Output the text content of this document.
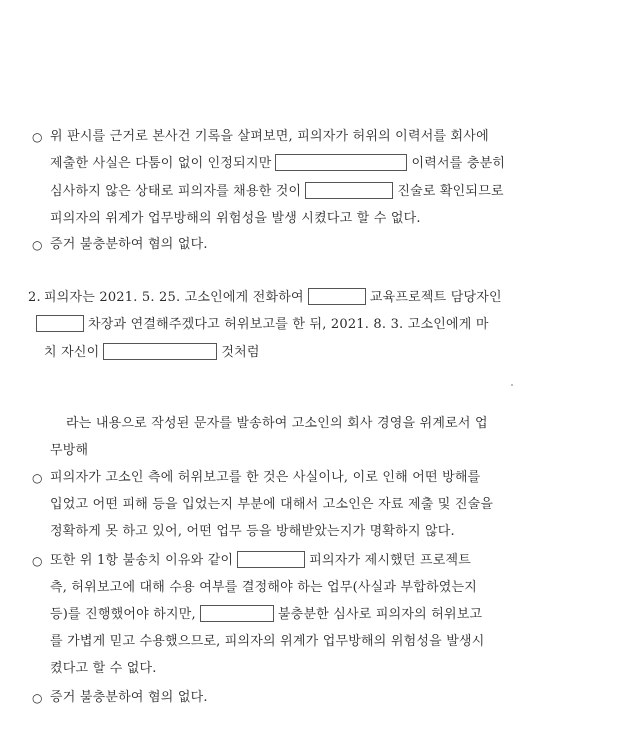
○ 위 판시를 근거로 본사건 기록을 살펴보면, 피의자가 허위의 이력서를 회사에
제출한 사실은 다툼이 없이 인정되지만	이력서를 충분히
심사하지 않은 상태로 피의자를 채용한 것이	진술로 확인되므로
피의자의 위계가 업무방해의 위험성을 발생 시켰다고 할 수 없다.
○ 증거 불충분하여 혐의 없다.
2. 피의자는 2021. 5. 25. 고소인에게 전화하여	교육프로젝트 담당자인
차장과 연결해주겠다고 허위보고를 한 뒤, 2021. 8. 3. 고소인에게 마
치 자신이	것처럼
라는 내용으로 작성된 문자를 발송하여 고소인의 회사 경영을 위계로서 업
무방해
○ 피의자가 고소인 측에 허위보고를 한 것은 사실이나, 이로 인해 어떤 방해를
입었고 어떤 피해 등을 입었는지 부분에 대해서 고소인은 자료 제출 및 진술을
정확하게 못 하고 있어, 어떤 업무 등을 방해받았는지가 명확하지 않다.
○ 또한 위 1항 불송치 이유와 같이	피의자가 제시했던 프로젝트
측, 허위보고에 대해 수용 여부를 결정해야 하는 업무(사실과 부합하였는지
등)를 진행했어야 하지만,	불충분한 심사로 피의자의 허위보고
를 가볍게 믿고 수용했으므로, 피의자의 위계가 업무방해의 위험성을 발생시
켰다고 할 수 없다.
○ 증거 불충분하여 혐의 없다.
